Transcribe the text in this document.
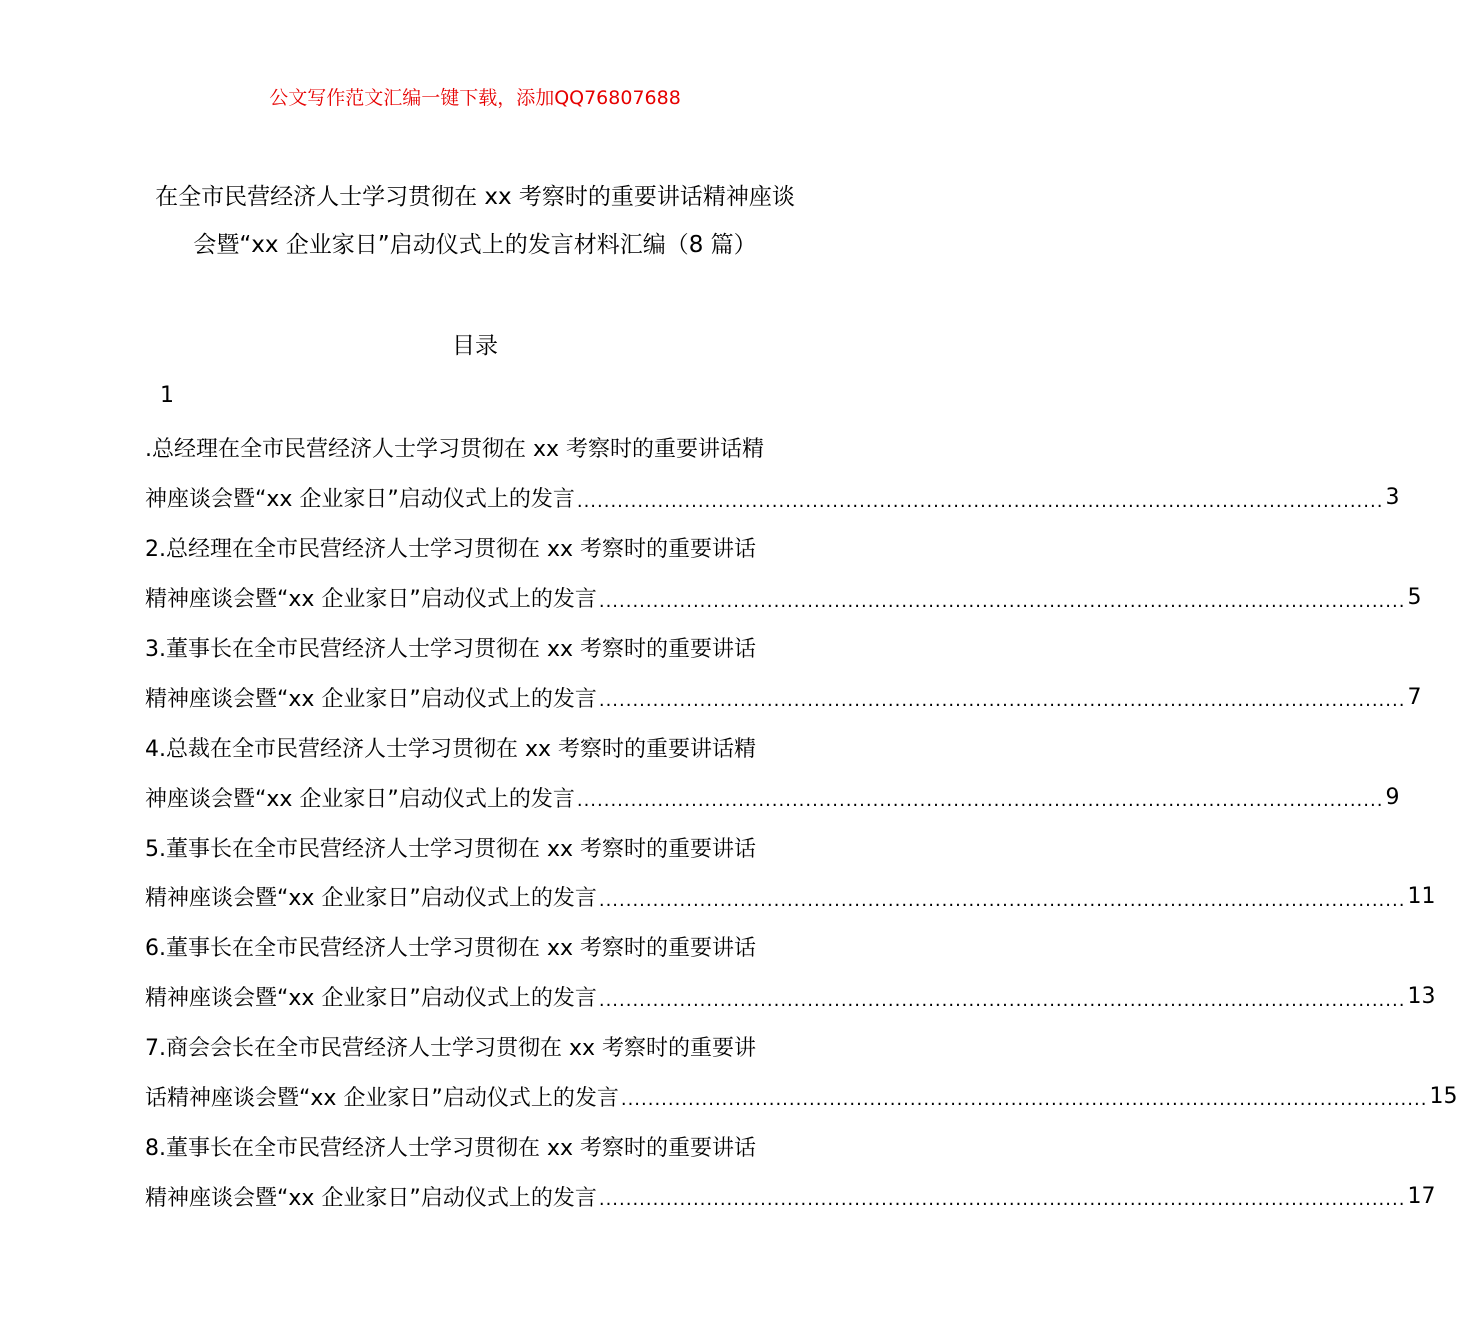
公文写作范文汇编一键下载，添加QQ76807688
在全市民营经济人士学习贯彻在 xx 考察时的重要讲话精神座谈
会暨“xx 企业家日”启动仪式上的发言材料汇编（8 篇）
目录
1
.总经理在全市民营经济人士学习贯彻在 xx 考察时的重要讲话精
神座谈会暨“xx 企业家日”启动仪式上的发言 ........................................................................................................................ 3
2.总经理在全市民营经济人士学习贯彻在 xx 考察时的重要讲话
精神座谈会暨“xx 企业家日”启动仪式上的发言 ........................................................................................................................ 5
3.董事长在全市民营经济人士学习贯彻在 xx 考察时的重要讲话
精神座谈会暨“xx 企业家日”启动仪式上的发言 ........................................................................................................................ 7
4.总裁在全市民营经济人士学习贯彻在 xx 考察时的重要讲话精
神座谈会暨“xx 企业家日”启动仪式上的发言 ........................................................................................................................ 9
5.董事长在全市民营经济人士学习贯彻在 xx 考察时的重要讲话
精神座谈会暨“xx 企业家日”启动仪式上的发言 ........................................................................................................................ 11
6.董事长在全市民营经济人士学习贯彻在 xx 考察时的重要讲话
精神座谈会暨“xx 企业家日”启动仪式上的发言 ........................................................................................................................ 13
7.商会会长在全市民营经济人士学习贯彻在 xx 考察时的重要讲
话精神座谈会暨“xx 企业家日”启动仪式上的发言 ........................................................................................................................ 15
8.董事长在全市民营经济人士学习贯彻在 xx 考察时的重要讲话
精神座谈会暨“xx 企业家日”启动仪式上的发言 ........................................................................................................................ 17
